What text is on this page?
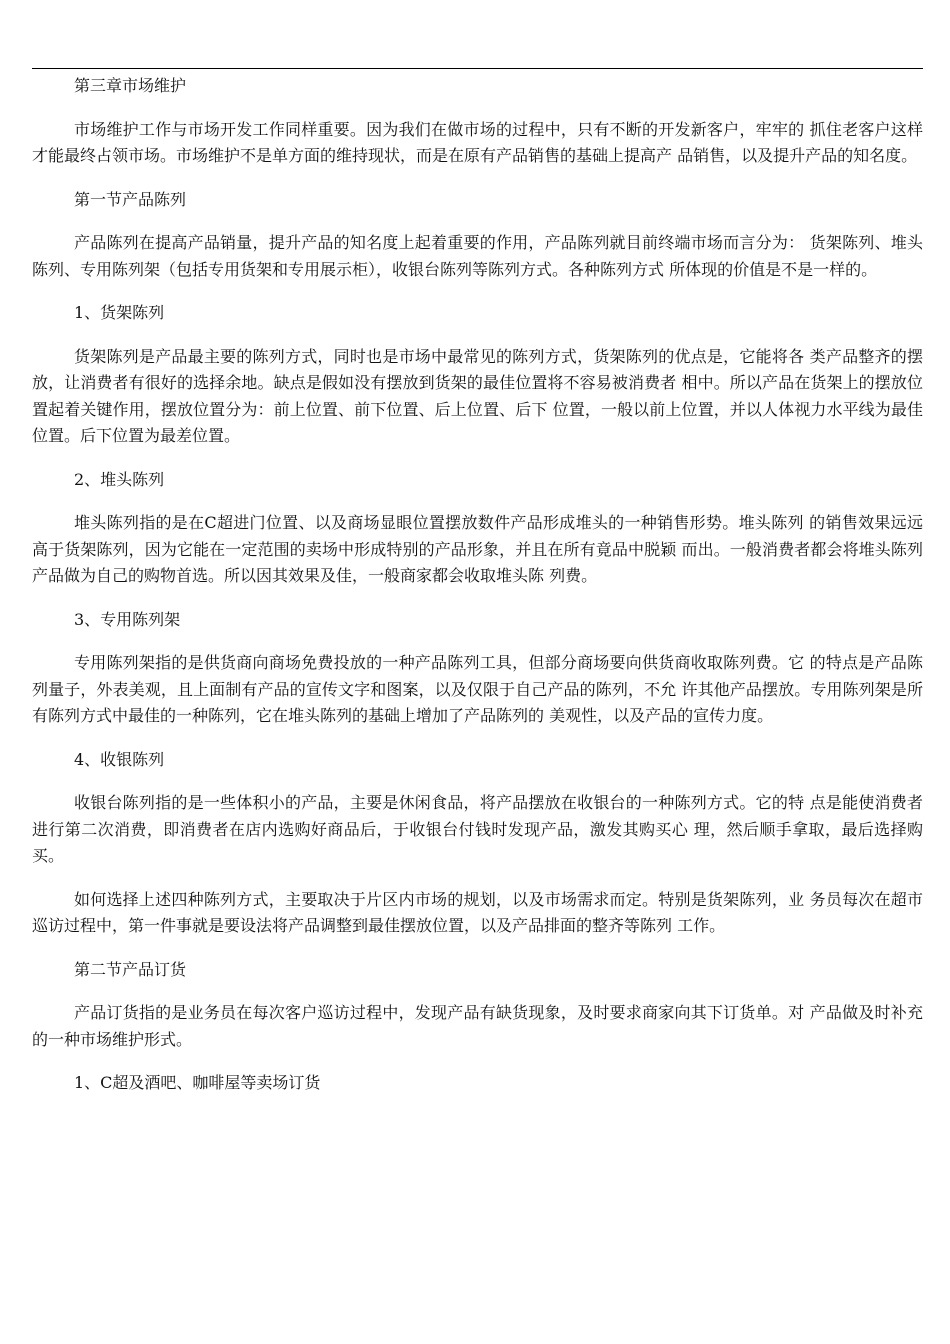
第三章市场维护

市场维护工作与市场开发工作同样重要。因为我们在做市场的过程中，只有不断的开发新客户，牢牢的 抓住老客户这样才能最终占领市场。市场维护不是单方面的维持现状，而是在原有产品销售的基础上提高产 品销售，以及提升产品的知名度。

第一节产品陈列

产品陈列在提高产品销量，提升产品的知名度上起着重要的作用，产品陈列就目前终端市场而言分为： 货架陈列、堆头陈列、专用陈列架（包括专用货架和专用展示柜），收银台陈列等陈列方式。各种陈列方式 所体现的价值是不是一样的。

1、货架陈列

货架陈列是产品最主要的陈列方式，同时也是市场中最常见的陈列方式，货架陈列的优点是，它能将各 类产品整齐的摆放，让消费者有很好的选择余地。缺点是假如没有摆放到货架的最佳位置将不容易被消费者 相中。所以产品在货架上的摆放位置起着关键作用，摆放位置分为：前上位置、前下位置、后上位置、后下 位置，一般以前上位置，并以人体视力水平线为最佳位置。后下位置为最差位置。

2、堆头陈列

堆头陈列指的是在C超进门位置、以及商场显眼位置摆放数件产品形成堆头的一种销售形势。堆头陈列 的销售效果远远高于货架陈列，因为它能在一定范围的卖场中形成特别的产品形象，并且在所有竟品中脱颖 而出。一般消费者都会将堆头陈列产品做为自己的购物首选。所以因其效果及佳，一般商家都会收取堆头陈 列费。

3、专用陈列架

专用陈列架指的是供货商向商场免费投放的一种产品陈列工具，但部分商场要向供货商收取陈列费。它 的特点是产品陈列量子，外表美观，且上面制有产品的宣传文字和图案，以及仅限于自己产品的陈列，不允 许其他产品摆放。专用陈列架是所有陈列方式中最佳的一种陈列，它在堆头陈列的基础上增加了产品陈列的 美观性，以及产品的宣传力度。

4、收银陈列

收银台陈列指的是一些体积小的产品，主要是休闲食品，将产品摆放在收银台的一种陈列方式。它的特 点是能使消费者进行第二次消费，即消费者在店内选购好商品后，于收银台付钱时发现产品，激发其购买心 理，然后顺手拿取，最后选择购买。

如何选择上述四种陈列方式，主要取决于片区内市场的规划，以及市场需求而定。特别是货架陈列，业 务员每次在超市巡访过程中，第一件事就是要设法将产品调整到最佳摆放位置，以及产品排面的整齐等陈列 工作。

第二节产品订货

产品订货指的是业务员在每次客户巡访过程中，发现产品有缺货现象，及时要求商家向其下订货单。对 产品做及时补充的一种市场维护形式。

1、C超及酒吧、咖啡屋等卖场订货
